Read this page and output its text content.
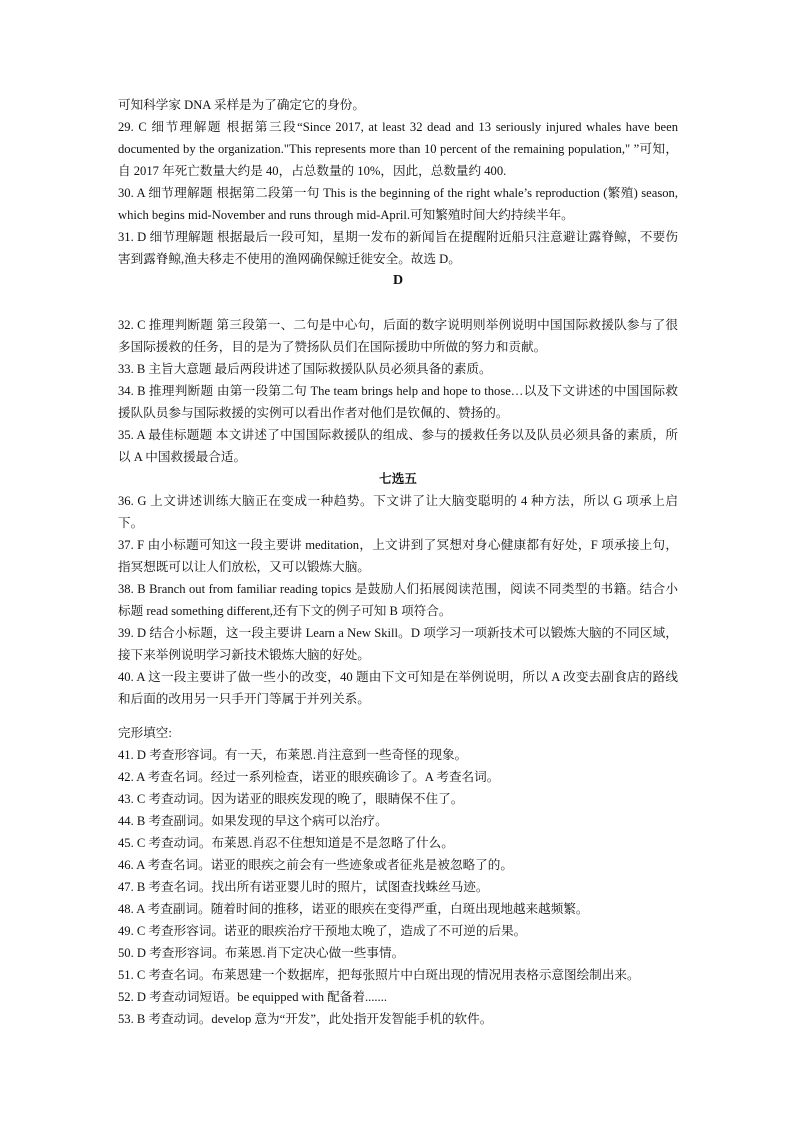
可知科学家 DNA 采样是为了确定它的身份。

29. C 细节理解题 根据第三段“Since 2017, at least 32 dead and 13 seriously injured whales have been documented by the organization."This represents more than 10 percent of the remaining population," ”可知，自 2017 年死亡数量大约是 40，占总数量的 10%，因此，总数量约 400.

30. A 细节理解题 根据第二段第一句 This is the beginning of the right whale’s reproduction (繁殖) season, which begins mid-November and runs through mid-April.可知繁殖时间大约持续半年。

31. D 细节理解题 根据最后一段可知，星期一发布的新闻旨在提醒附近船只注意避让露脊鲸，不要伤害到露脊鲸,渔夫移走不使用的渔网确保鲸迁徙安全。故选 D。

D

32. C 推理判断题 第三段第一、二句是中心句，后面的数字说明则举例说明中国国际救援队参与了很多国际援救的任务，目的是为了赞扬队员们在国际援助中所做的努力和贡献。

33. B 主旨大意题 最后两段讲述了国际救援队队员必须具备的素质。

34. B 推理判断题 由第一段第二句 The team brings help and hope to those…以及下文讲述的中国国际救援队队员参与国际救援的实例可以看出作者对他们是钦佩的、赞扬的。

35. A 最佳标题题 本文讲述了中国国际救援队的组成、参与的援救任务以及队员必须具备的素质，所以 A 中国救援最合适。

七选五

36. G 上文讲述训练大脑正在变成一种趋势。下文讲了让大脑变聪明的 4 种方法，所以 G 项承上启下。

37. F 由小标题可知这一段主要讲 meditation，上文讲到了冥想对身心健康都有好处，F 项承接上句，指冥想既可以让人们放松，又可以锻炼大脑。

38. B Branch out from familiar reading topics 是鼓励人们拓展阅读范围，阅读不同类型的书籍。结合小标题 read something different,还有下文的例子可知 B 项符合。

39. D 结合小标题，这一段主要讲 Learn a New Skill。D 项学习一项新技术可以锻炼大脑的不同区域，接下来举例说明学习新技术锻炼大脑的好处。

40. A 这一段主要讲了做一些小的改变，40 题由下文可知是在举例说明，所以 A 改变去副食店的路线和后面的改用另一只手开门等属于并列关系。

完形填空:

41. D 考查形容词。有一天，布莱恩.肖注意到一些奇怪的现象。

42. A 考查名词。经过一系列检查，诺亚的眼疾确诊了。A 考查名词。

43. C 考查动词。因为诺亚的眼疾发现的晚了，眼睛保不住了。

44. B 考查副词。如果发现的早这个病可以治疗。

45. C 考查动词。布莱恩.肖忍不住想知道是不是忽略了什么。

46. A 考查名词。诺亚的眼疾之前会有一些迹象或者征兆是被忽略了的。

47. B 考查名词。找出所有诺亚婴儿时的照片，试图查找蛛丝马迹。

48. A 考查副词。随着时间的推移，诺亚的眼疾在变得严重，白斑出现地越来越频繁。

49. C 考查形容词。诺亚的眼疾治疗干预地太晚了，造成了不可逆的后果。

50. D 考查形容词。布莱恩.肖下定决心做一些事情。

51. C 考查名词。布莱恩建一个数据库，把每张照片中白斑出现的情况用表格示意图绘制出来。

52. D 考查动词短语。be equipped with 配备着.......

53. B 考查动词。develop 意为“开发”，此处指开发智能手机的软件。
